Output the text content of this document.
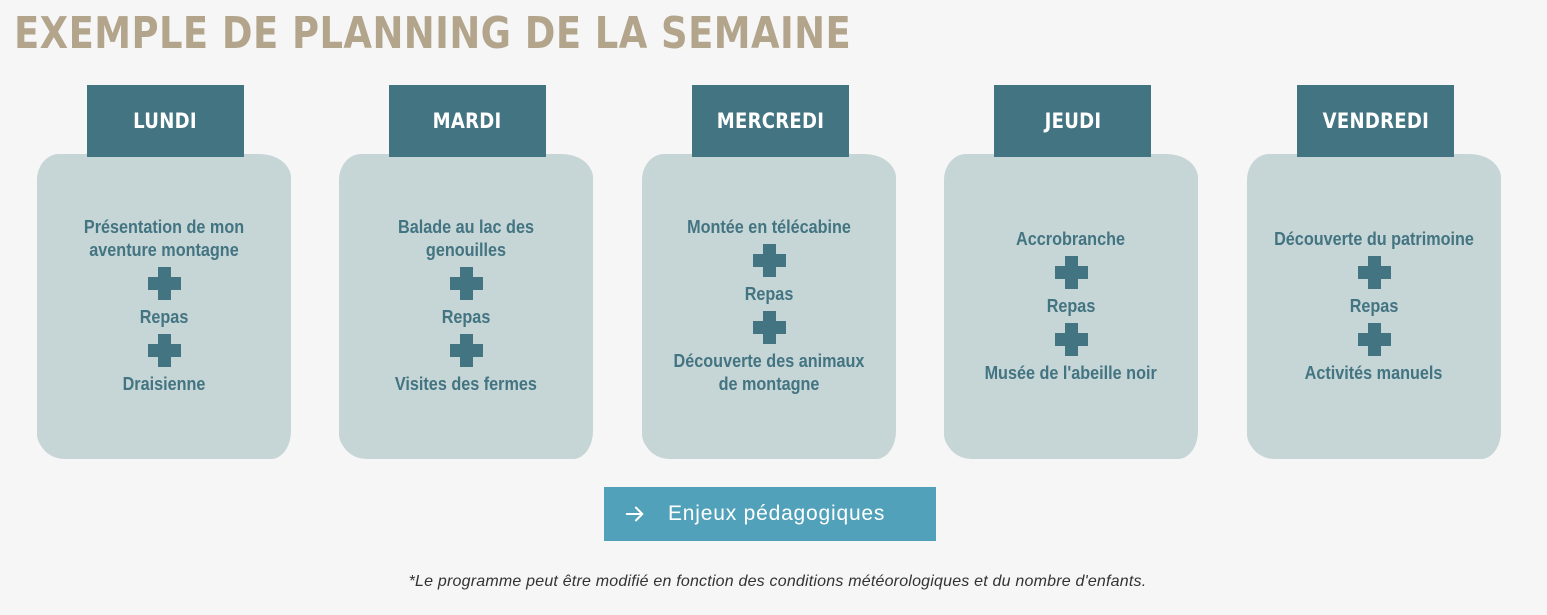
EXEMPLE DE PLANNING DE LA SEMAINE
LUNDI
Présentation de mon aventure montagne
Repas
Draisienne
MARDI
Balade au lac des genouilles
Repas
Visites des fermes
MERCREDI
Montée en télécabine
Repas
Découverte des animaux de montagne
JEUDI
Accrobranche
Repas
Musée de l'abeille noir
VENDREDI
Découverte du patrimoine
Repas
Activités manuels
Enjeux pédagogiques
*Le programme peut être modifié en fonction des conditions météorologiques et du nombre d'enfants.
